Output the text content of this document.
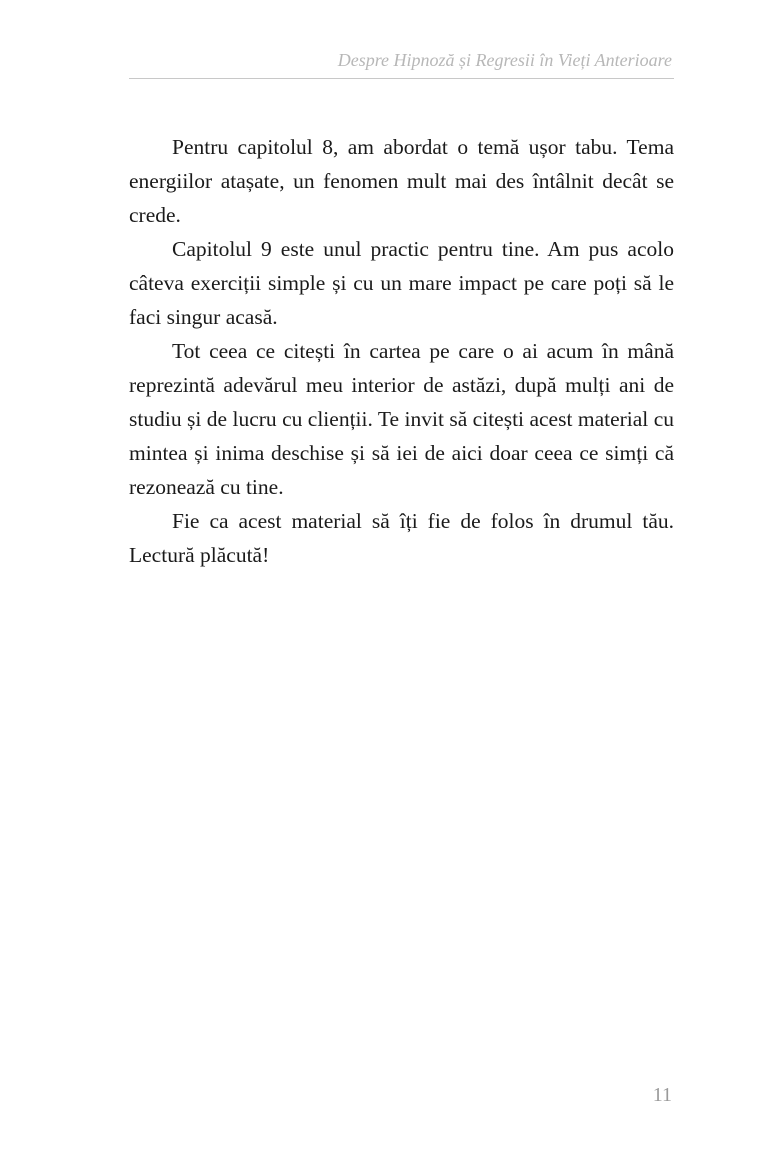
Despre Hipnoză și Regresii în Vieți Anterioare

Pentru capitolul 8, am abordat o temă ușor tabu. Tema energiilor atașate, un fenomen mult mai des întâlnit decât se crede.

Capitolul 9 este unul practic pentru tine. Am pus acolo câteva exerciții simple și cu un mare impact pe care poți să le faci singur acasă.

Tot ceea ce citești în cartea pe care o ai acum în mână reprezintă adevărul meu interior de astăzi, după mulți ani de studiu și de lucru cu clienții. Te invit să citești acest material cu mintea și inima deschise și să iei de aici doar ceea ce simți că rezonează cu tine.

Fie ca acest material să îți fie de folos în drumul tău. Lectură plăcută!

11
